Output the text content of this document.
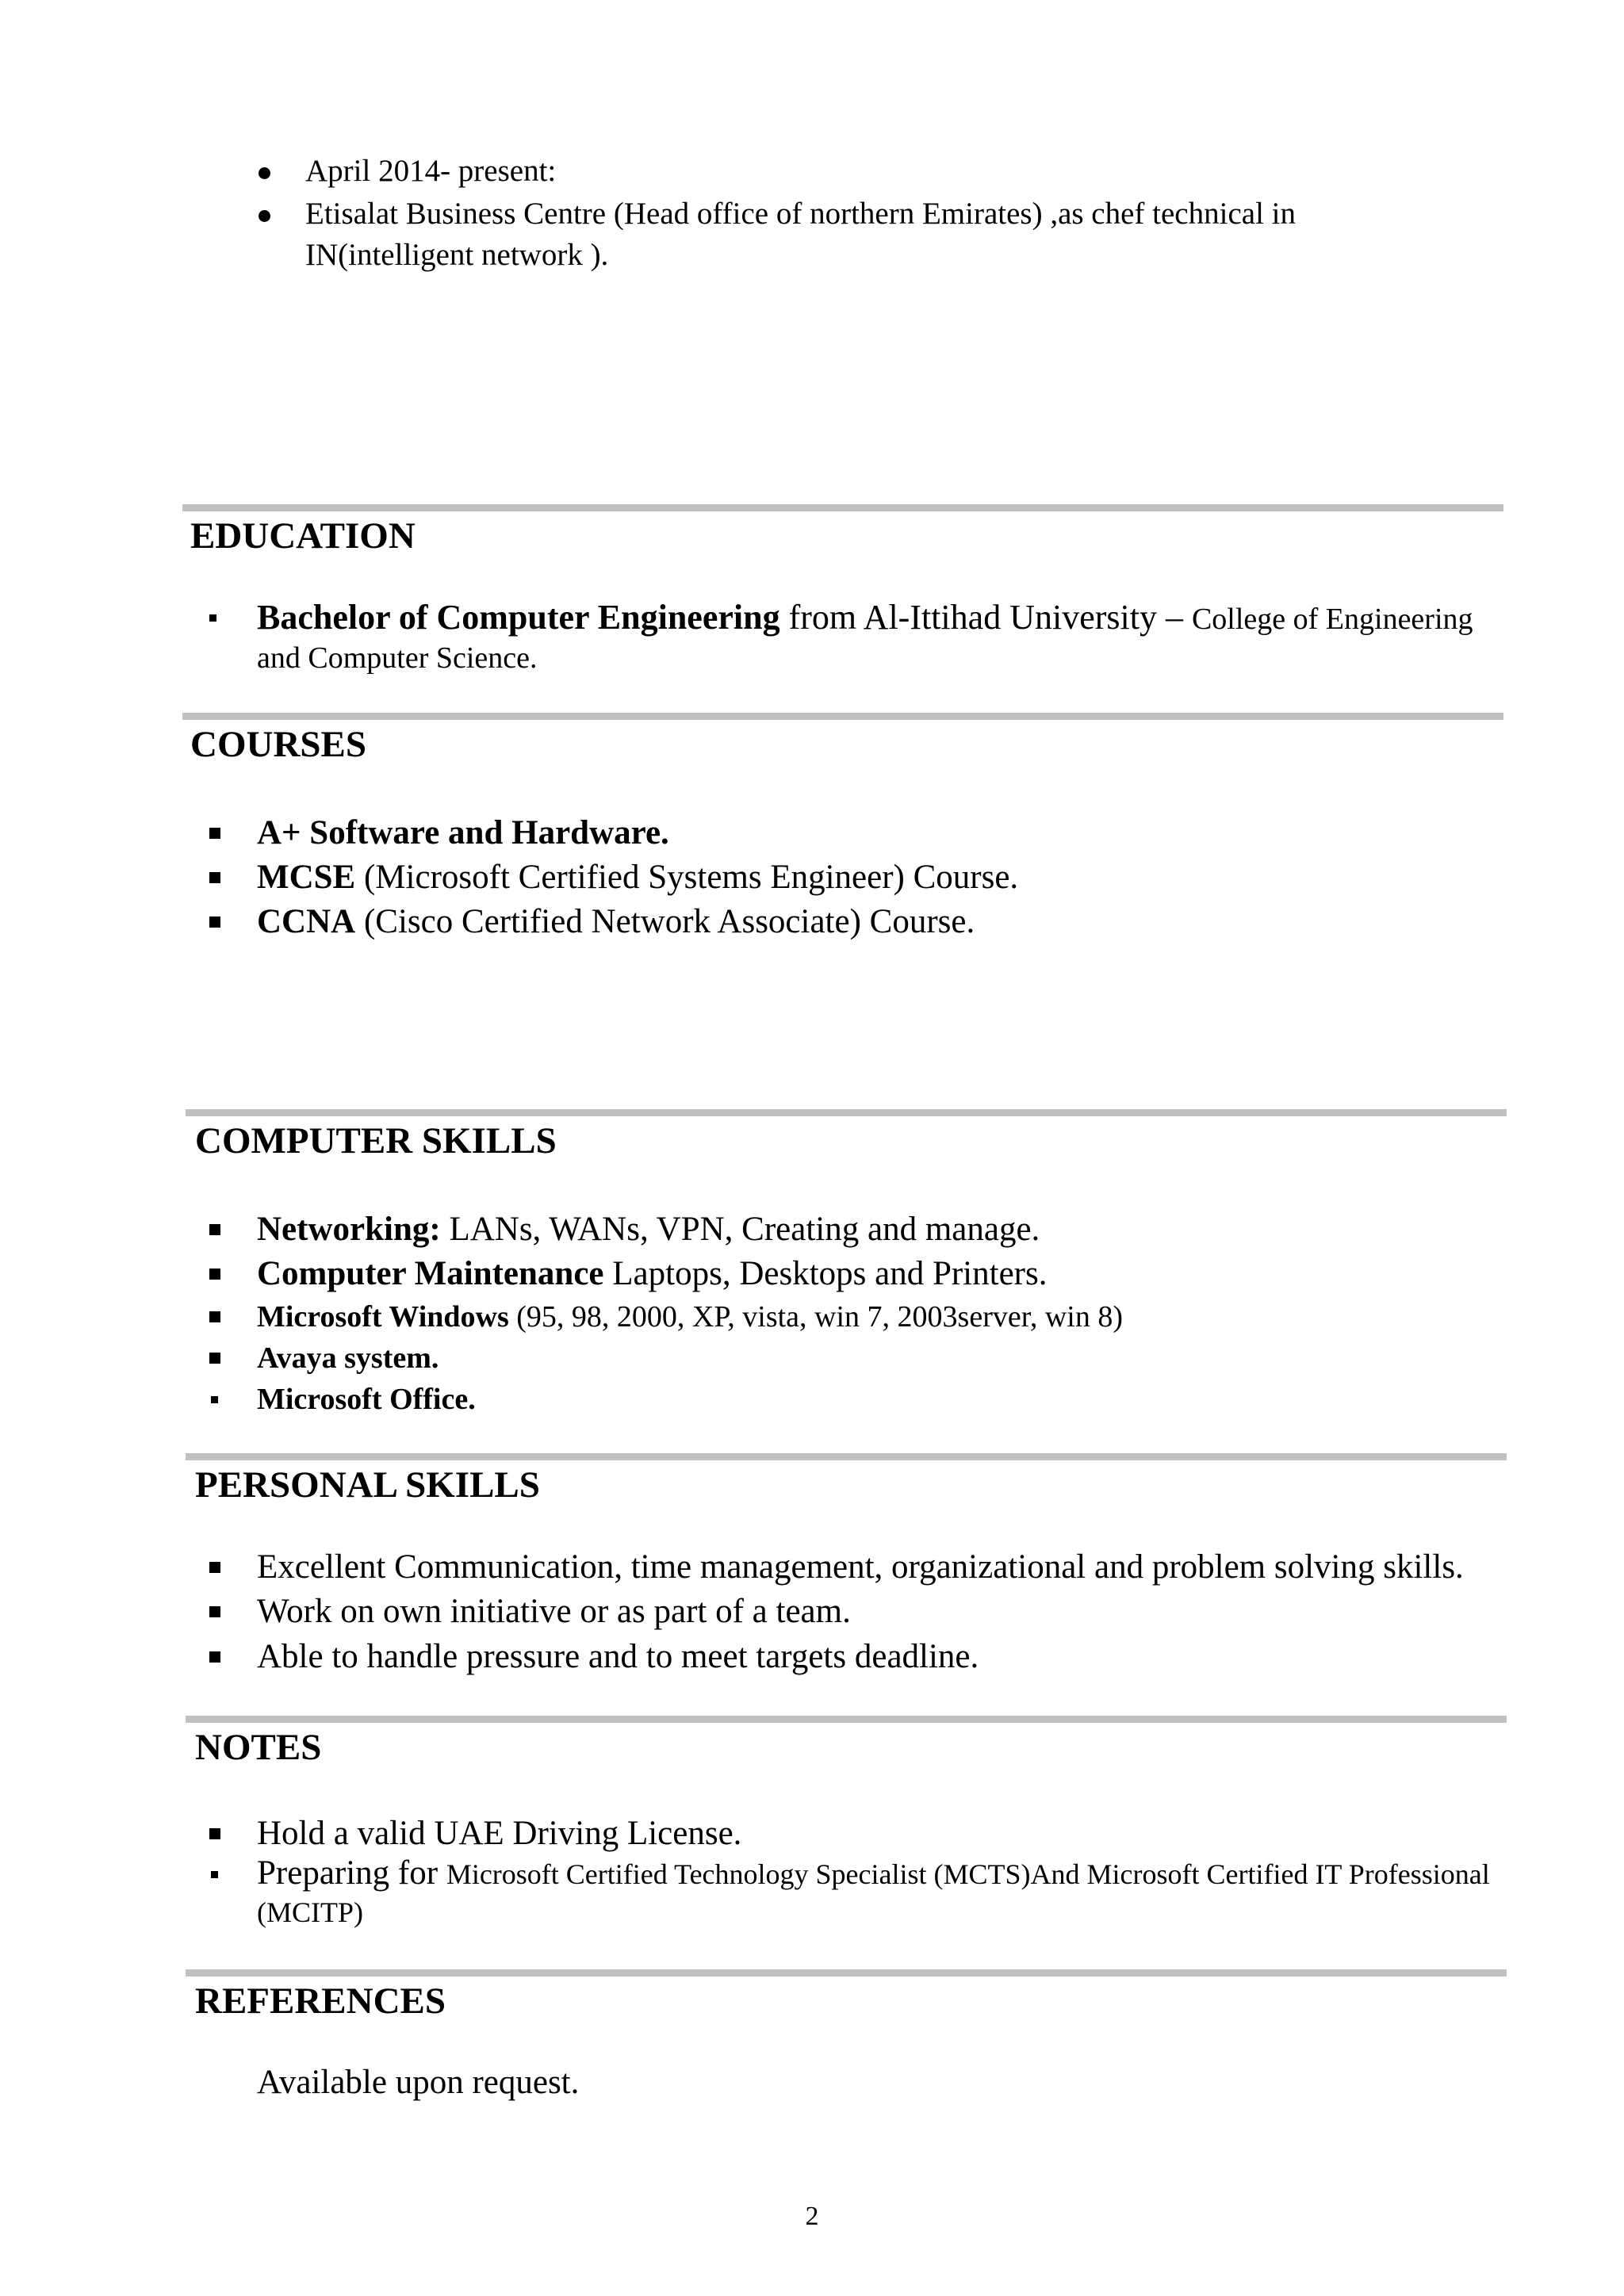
April 2014- present:
Etisalat Business Centre (Head office of northern Emirates) ,as chef technical in
IN(intelligent network ).
EDUCATION
Bachelor of Computer Engineering from Al-Ittihad University – College of Engineering
and Computer Science.
COURSES
A+ Software and Hardware.
MCSE (Microsoft Certified Systems Engineer) Course.
CCNA (Cisco Certified Network Associate) Course.
COMPUTER SKILLS
Networking: LANs, WANs, VPN, Creating and manage.
Computer Maintenance Laptops, Desktops and Printers.
Microsoft Windows (95, 98, 2000, XP, vista, win 7, 2003server, win 8)
Avaya system.
Microsoft Office.
PERSONAL SKILLS
Excellent Communication, time management, organizational and problem solving skills.
Work on own initiative or as part of a team.
Able to handle pressure and to meet targets deadline.
NOTES
Hold a valid UAE Driving License.
Preparing for Microsoft Certified Technology Specialist (MCTS)And Microsoft Certified IT Professional
(MCITP)
REFERENCES
Available upon request.
2
